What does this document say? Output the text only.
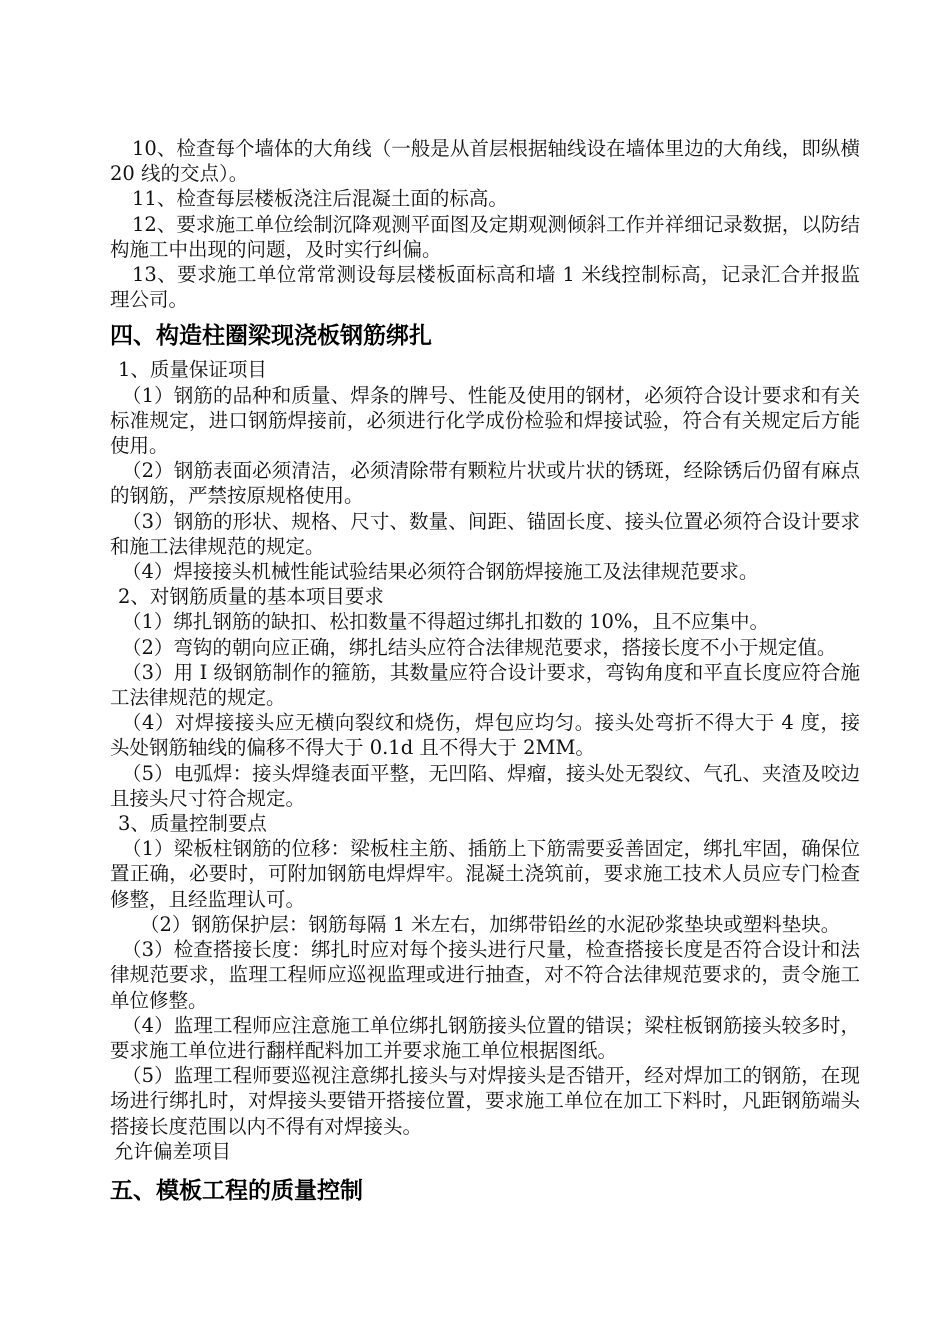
10、检查每个墙体的大角线（一般是从首层根据轴线设在墙体里边的大角线，即纵横 20 线的交点）。

11、检查每层楼板浇注后混凝土面的标高。

12、要求施工单位绘制沉降观测平面图及定期观测倾斜工作并祥细记录数据，以防结构施工中出现的问题，及时实行纠偏。

13、要求施工单位常常测设每层楼板面标高和墙 1 米线控制标高，记录汇合并报监理公司。

四、构造柱圈梁现浇板钢筋绑扎

1、质量保证项目

（1）钢筋的品种和质量、焊条的牌号、性能及使用的钢材，必须符合设计要求和有关标准规定，进口钢筋焊接前，必须进行化学成份检验和焊接试验，符合有关规定后方能使用。

（2）钢筋表面必须清洁，必须清除带有颗粒片状或片状的锈斑，经除锈后仍留有麻点的钢筋，严禁按原规格使用。

（3）钢筋的形状、规格、尺寸、数量、间距、锚固长度、接头位置必须符合设计要求和施工法律规范的规定。

（4）焊接接头机械性能试验结果必须符合钢筋焊接施工及法律规范要求。

2、对钢筋质量的基本项目要求

（1）绑扎钢筋的缺扣、松扣数量不得超过绑扎扣数的 10%，且不应集中。

（2）弯钩的朝向应正确，绑扎结头应符合法律规范要求，搭接长度不小于规定值。

（3）用 I 级钢筋制作的箍筋，其数量应符合设计要求，弯钩角度和平直长度应符合施工法律规范的规定。

（4）对焊接接头应无横向裂纹和烧伤，焊包应均匀。接头处弯折不得大于 4 度，接头处钢筋轴线的偏移不得大于 0.1d 且不得大于 2MM。

（5）电弧焊：接头焊缝表面平整，无凹陷、焊瘤，接头处无裂纹、气孔、夹渣及咬边且接头尺寸符合规定。

3、质量控制要点

（1）梁板柱钢筋的位移：梁板柱主筋、插筋上下筋需要妥善固定，绑扎牢固，确保位置正确，必要时，可附加钢筋电焊焊牢。混凝土浇筑前，要求施工技术人员应专门检查修整，且经监理认可。

（2）钢筋保护层：钢筋每隔 1 米左右，加绑带铅丝的水泥砂浆垫块或塑料垫块。

（3）检查搭接长度：绑扎时应对每个接头进行尺量，检查搭接长度是否符合设计和法律规范要求，监理工程师应巡视监理或进行抽查，对不符合法律规范要求的，责令施工单位修整。

（4）监理工程师应注意施工单位绑扎钢筋接头位置的错误；梁柱板钢筋接头较多时，要求施工单位进行翻样配料加工并要求施工单位根据图纸。

（5）监理工程师要巡视注意绑扎接头与对焊接头是否错开，经对焊加工的钢筋，在现场进行绑扎时，对焊接头要错开搭接位置，要求施工单位在加工下料时，凡距钢筋端头搭接长度范围以内不得有对焊接头。

允许偏差项目

五、模板工程的质量控制
